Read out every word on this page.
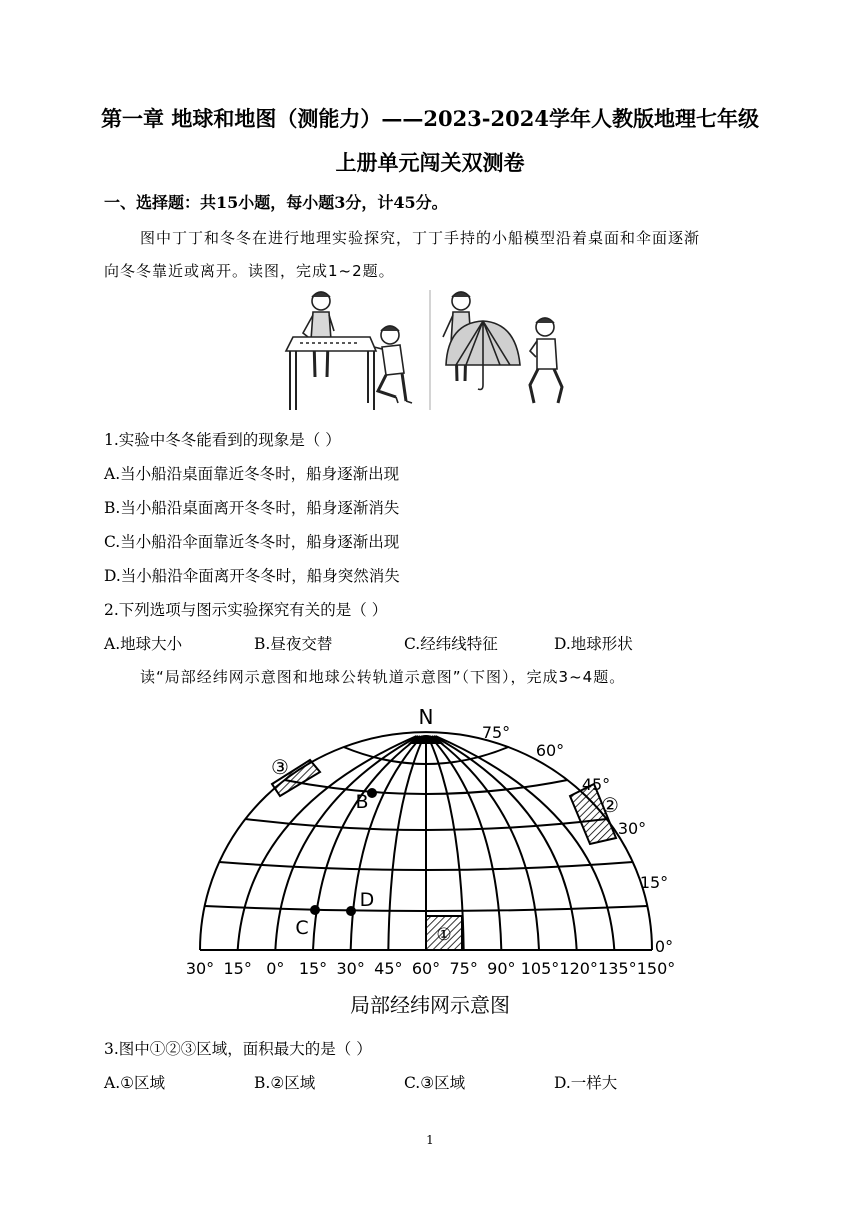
第一章 地球和地图（测能力）——2023-2024学年人教版地理七年级
上册单元闯关双测卷
一、选择题：共15小题，每小题3分，计45分。
图中丁丁和冬冬在进行地理实验探究，丁丁手持的小船模型沿着桌面和伞面逐渐
向冬冬靠近或离开。读图，完成1~2题。
1.实验中冬冬能看到的现象是（ ）
A.当小船沿桌面靠近冬冬时，船身逐渐出现
B.当小船沿桌面离开冬冬时，船身逐渐消失
C.当小船沿伞面靠近冬冬时，船身逐渐出现
D.当小船沿伞面离开冬冬时，船身突然消失
2.下列选项与图示实验探究有关的是（ ）
A.地球大小	B.昼夜交替	C.经纬线特征	D.地球形状
读“局部经纬网示意图和地球公转轨道示意图”（下图），完成3~4题。
B
C
D
①
②
③
75°
60°
45°
30°
15°
0°
30° 15° 0° 15° 30° 45° 60° 75° 90° 105° 120° 135° 150°
N
局部经纬网示意图
3.图中①②③区域，面积最大的是（ ）
A.①区域	B.②区域	C.③区域	D.一样大
1
